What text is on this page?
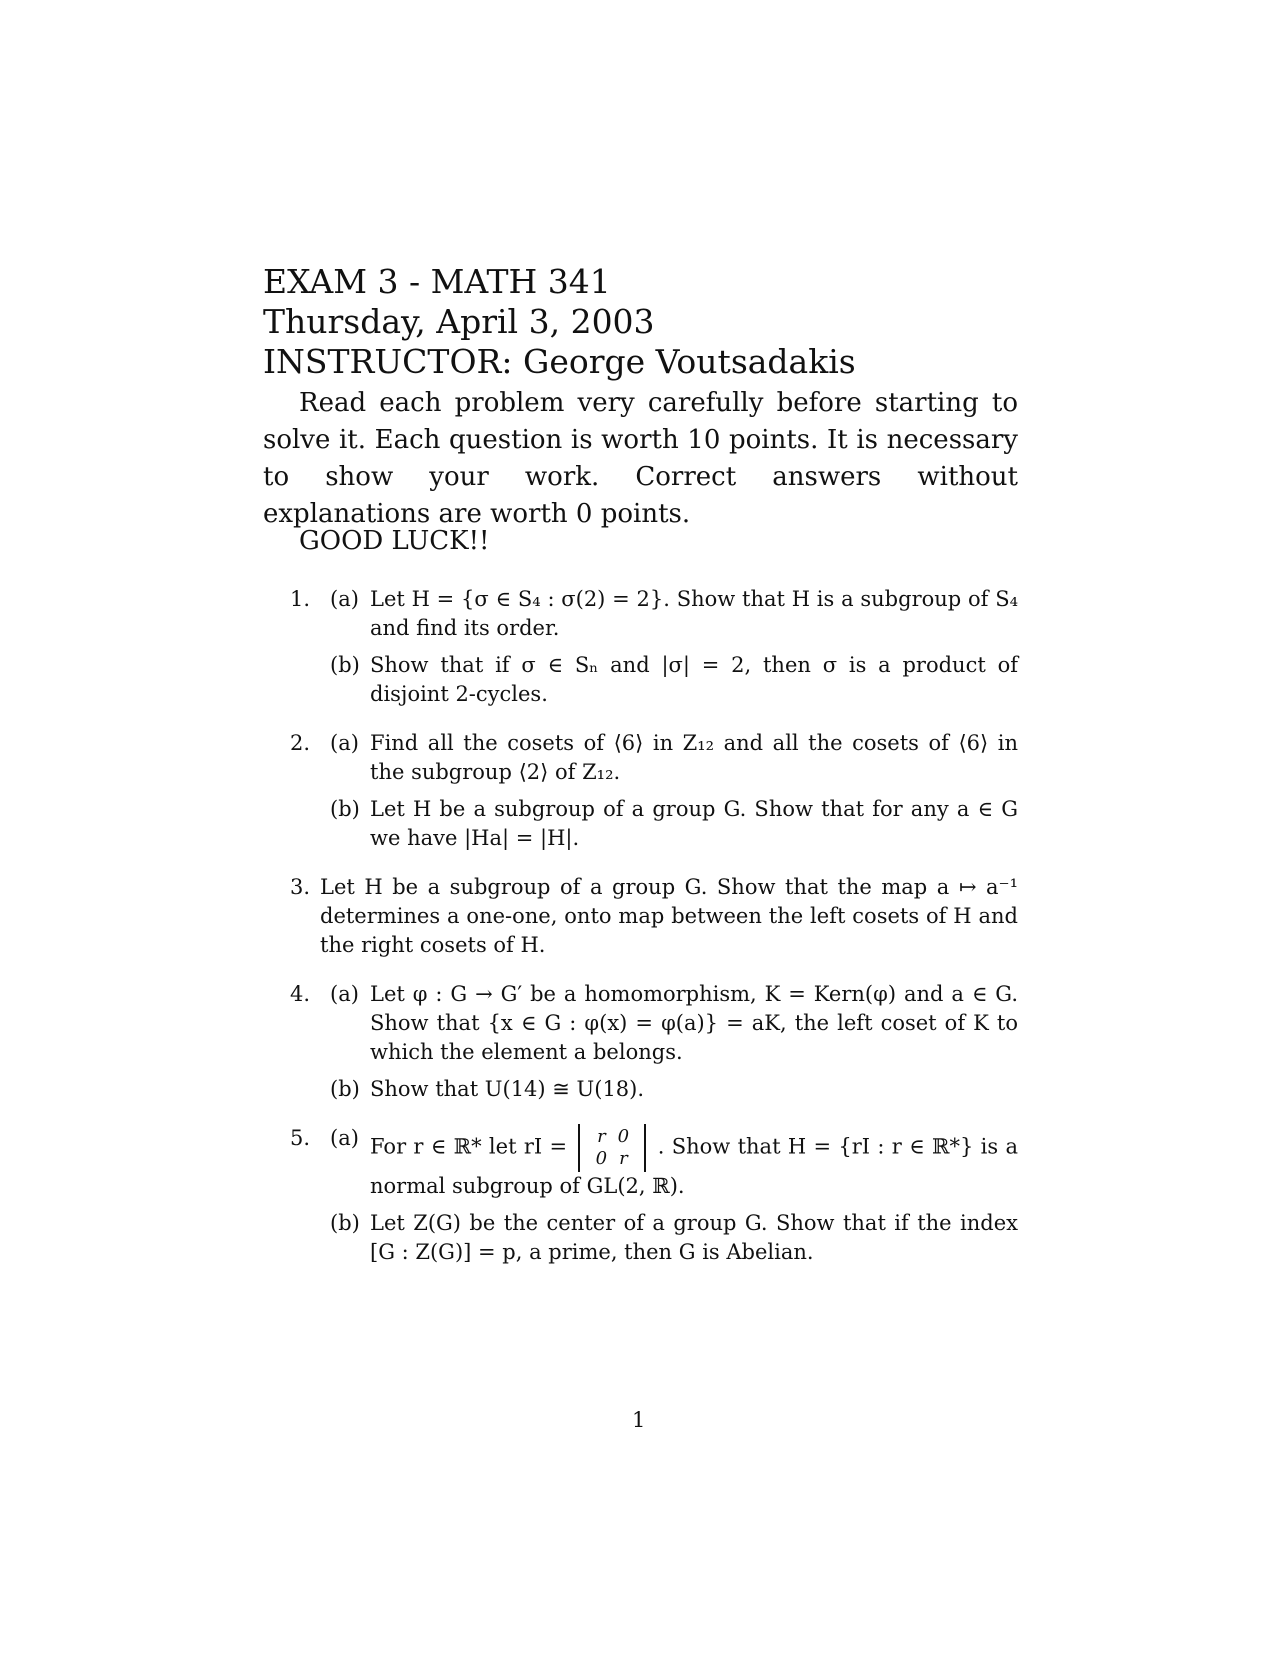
EXAM 3 - MATH 341
Thursday, April 3, 2003
INSTRUCTOR: George Voutsadakis
Read each problem very carefully before starting to solve it. Each question is worth 10 points. It is necessary to show your work. Correct answers without explanations are worth 0 points.
GOOD LUCK!!
1. (a) Let H = {σ ∈ S₄ : σ(2) = 2}. Show that H is a subgroup of S₄ and find its order.
(b) Show that if σ ∈ Sₙ and |σ| = 2, then σ is a product of disjoint 2-cycles.
2. (a) Find all the cosets of ⟨6⟩ in Z₁₂ and all the cosets of ⟨6⟩ in the subgroup ⟨2⟩ of Z₁₂.
(b) Let H be a subgroup of a group G. Show that for any a ∈ G we have |Ha| = |H|.
3. Let H be a subgroup of a group G. Show that the map a ↦ a⁻¹ determines a one-one, onto map between the left cosets of H and the right cosets of H.
4. (a) Let φ : G → G′ be a homomorphism, K = Kern(φ) and a ∈ G. Show that {x ∈ G : φ(x) = φ(a)} = aK, the left coset of K to which the element a belongs.
(b) Show that U(14) ≅ U(18).
5. (a) For r ∈ ℝ* let rI =	r 0
0 r	. Show that H = {rI : r ∈ ℝ*} is a normal subgroup of GL(2, ℝ).
(b) Let Z(G) be the center of a group G. Show that if the index [G : Z(G)] = p, a prime, then G is Abelian.
1
